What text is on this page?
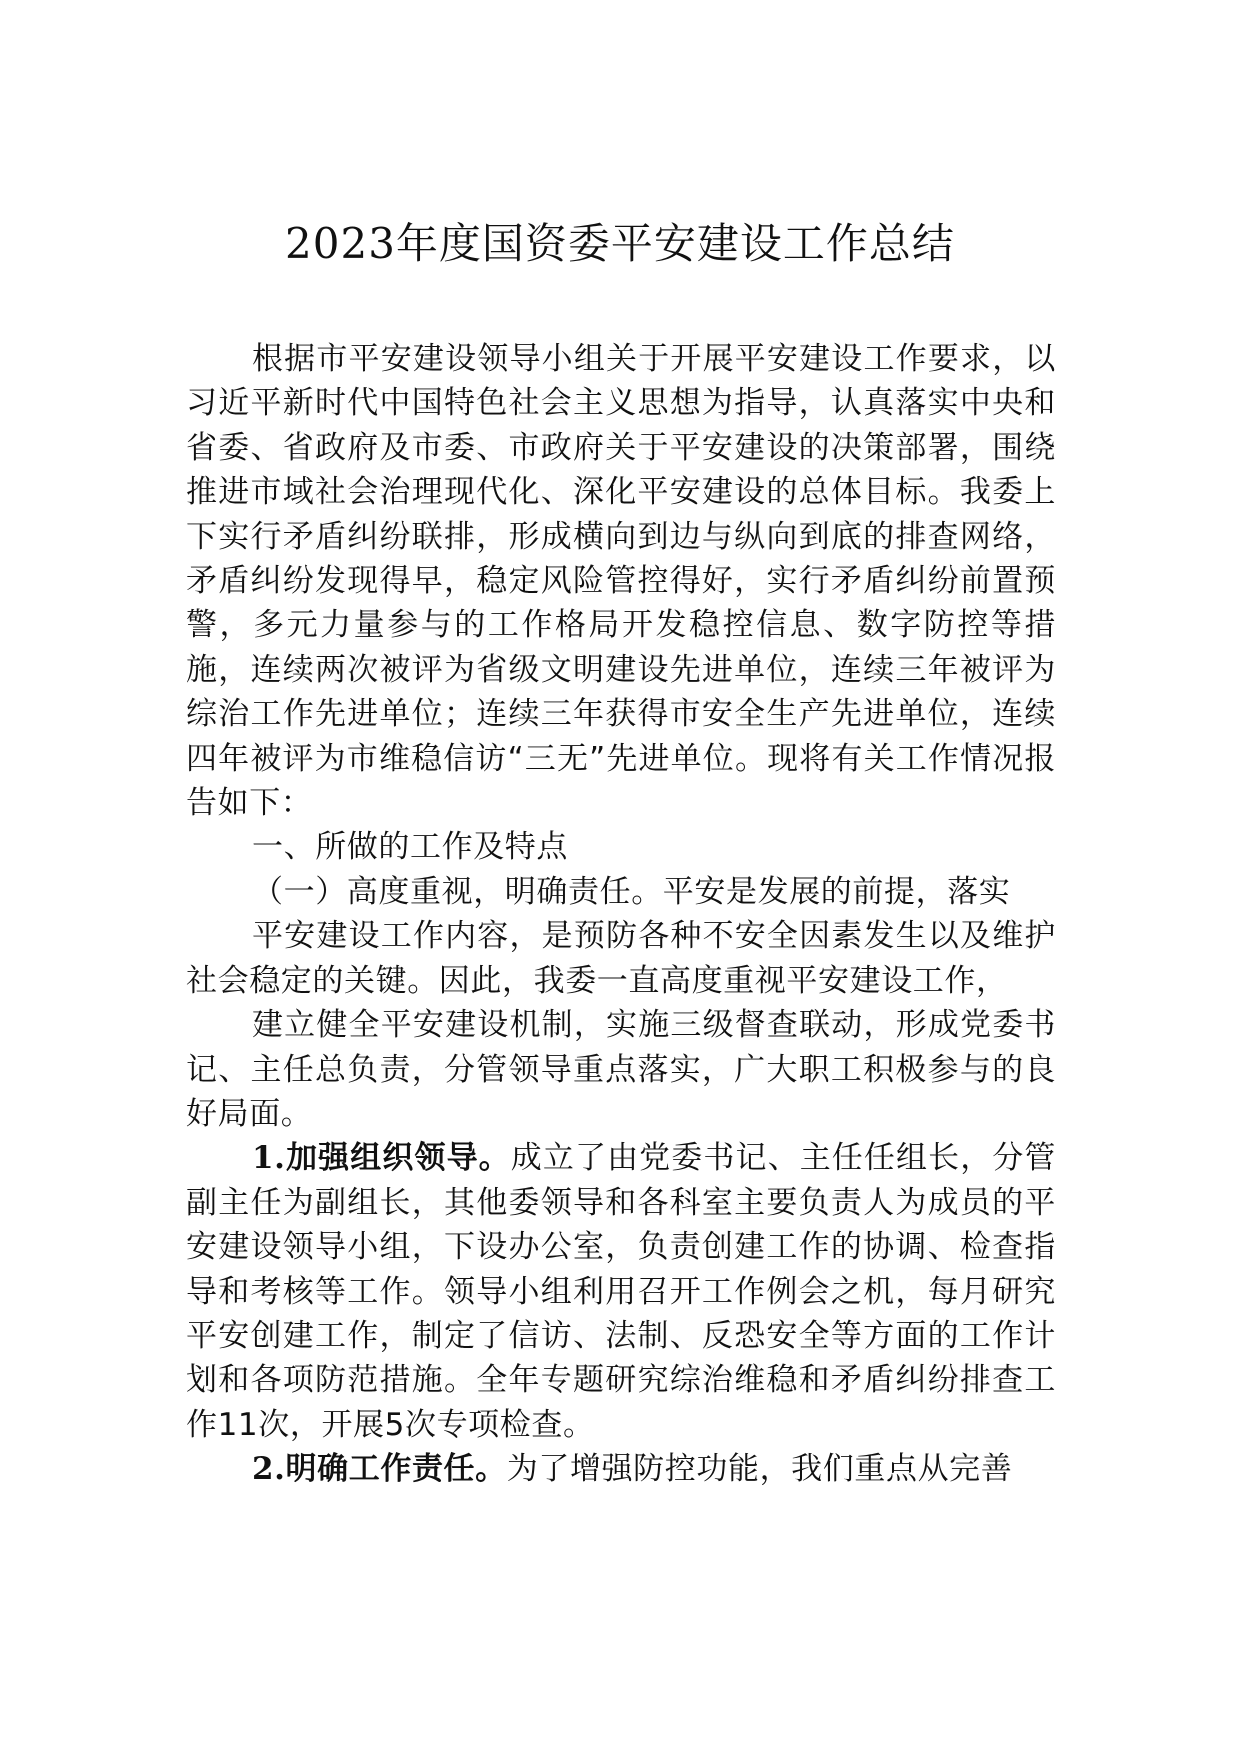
2023年度国资委平安建设工作总结

根据市平安建设领导小组关于开展平安建设工作要求，以习近平新时代中国特色社会主义思想为指导，认真落实中央和省委、省政府及市委、市政府关于平安建设的决策部署，围绕推进市域社会治理现代化、深化平安建设的总体目标。我委上下实行矛盾纠纷联排，形成横向到边与纵向到底的排查网络，矛盾纠纷发现得早，稳定风险管控得好，实行矛盾纠纷前置预警，多元力量参与的工作格局开发稳控信息、数字防控等措施，连续两次被评为省级文明建设先进单位，连续三年被评为综治工作先进单位；连续三年获得市安全生产先进单位，连续四年被评为市维稳信访“三无”先进单位。现将有关工作情况报告如下：

一、所做的工作及特点

（一）高度重视，明确责任。平安是发展的前提，落实

平安建设工作内容，是预防各种不安全因素发生以及维护社会稳定的关键。因此，我委一直高度重视平安建设工作，

建立健全平安建设机制，实施三级督查联动，形成党委书记、主任总负责，分管领导重点落实，广大职工积极参与的良好局面。

1.加强组织领导。成立了由党委书记、主任任组长，分管副主任为副组长，其他委领导和各科室主要负责人为成员的平安建设领导小组，下设办公室，负责创建工作的协调、检查指导和考核等工作。领导小组利用召开工作例会之机，每月研究平安创建工作，制定了信访、法制、反恐安全等方面的工作计划和各项防范措施。全年专题研究综治维稳和矛盾纠纷排查工作11次，开展5次专项检查。

2.明确工作责任。为了增强防控功能，我们重点从完善
